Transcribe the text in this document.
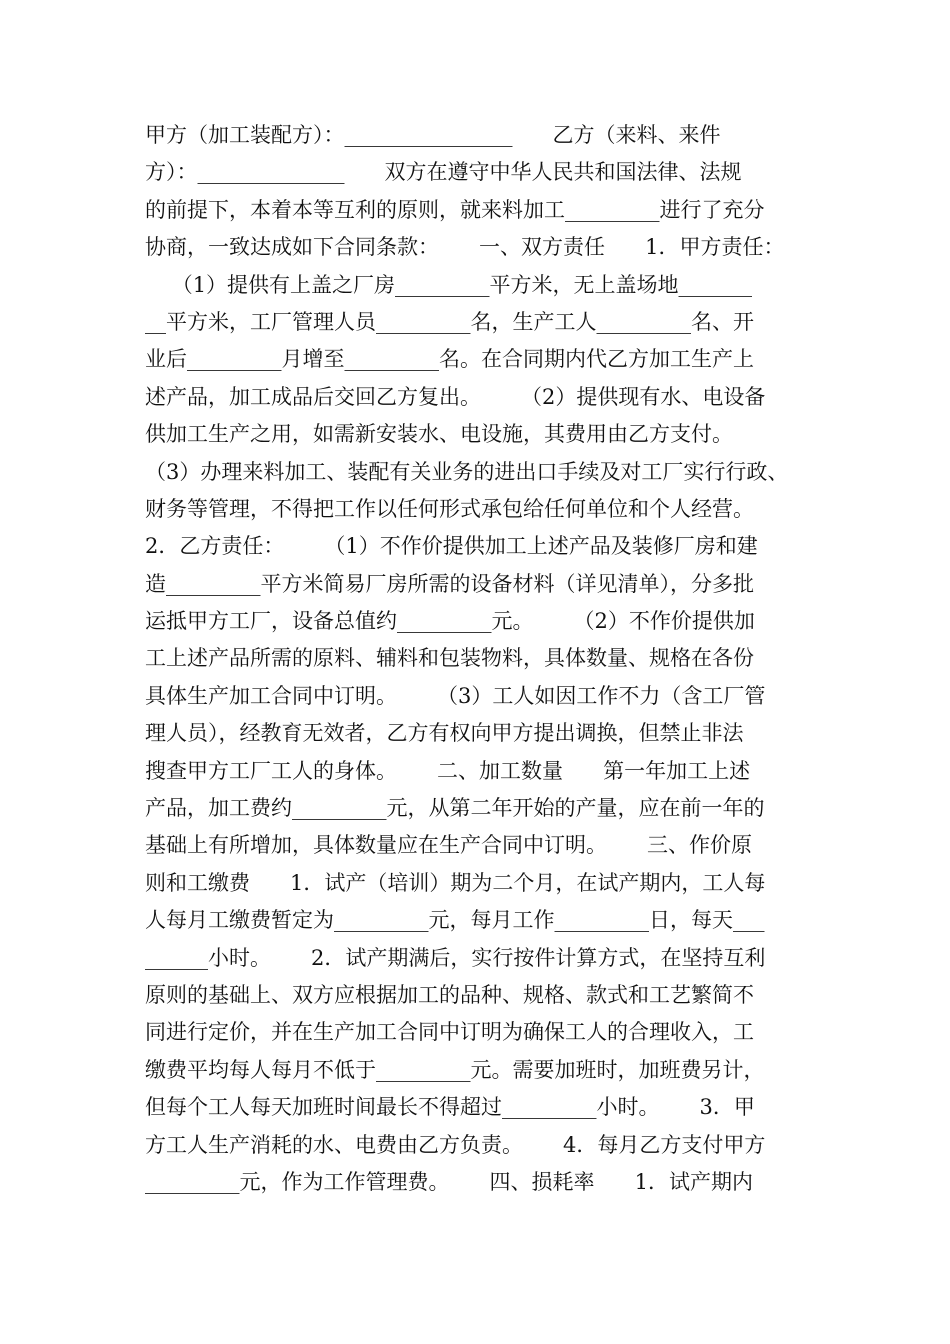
甲方（加工装配方）：________________      乙方（来料、来件
方）：______________      双方在遵守中华人民共和国法律、法规
的前提下，本着本等互利的原则，就来料加工_________进行了充分
协商，一致达成如下合同条款：      一、双方责任      1．甲方责任：
（1）提供有上盖之厂房_________平方米，无上盖场地_______
__平方米，工厂管理人员_________名，生产工人_________名、开
业后_________月增至_________名。在合同期内代乙方加工生产上
述产品，加工成品后交回乙方复出。      （2）提供现有水、电设备
供加工生产之用，如需新安装水、电设施，其费用由乙方支付。
（3）办理来料加工、装配有关业务的进出口手续及对工厂实行行政、
财务等管理，不得把工作以任何形式承包给任何单位和个人经营。
2．乙方责任：      （1）不作价提供加工上述产品及装修厂房和建
造_________平方米简易厂房所需的设备材料（详见清单），分多批
运抵甲方工厂，设备总值约_________元。      （2）不作价提供加
工上述产品所需的原料、辅料和包装物料，具体数量、规格在各份
具体生产加工合同中订明。      （3）工人如因工作不力（含工厂管
理人员），经教育无效者，乙方有权向甲方提出调换，但禁止非法
搜查甲方工厂工人的身体。      二、加工数量      第一年加工上述
产品，加工费约_________元，从第二年开始的产量，应在前一年的
基础上有所增加，具体数量应在生产合同中订明。      三、作价原
则和工缴费      1．试产（培训）期为二个月，在试产期内，工人每
人每月工缴费暂定为_________元，每月工作_________日，每天___
______小时。      2．试产期满后，实行按件计算方式，在坚持互利
原则的基础上、双方应根据加工的品种、规格、款式和工艺繁简不
同进行定价，并在生产加工合同中订明为确保工人的合理收入，工
缴费平均每人每月不低于_________元。需要加班时，加班费另计，
但每个工人每天加班时间最长不得超过_________小时。      3．甲
方工人生产消耗的水、电费由乙方负责。      4．每月乙方支付甲方
_________元，作为工作管理费。      四、损耗率      1．试产期内
